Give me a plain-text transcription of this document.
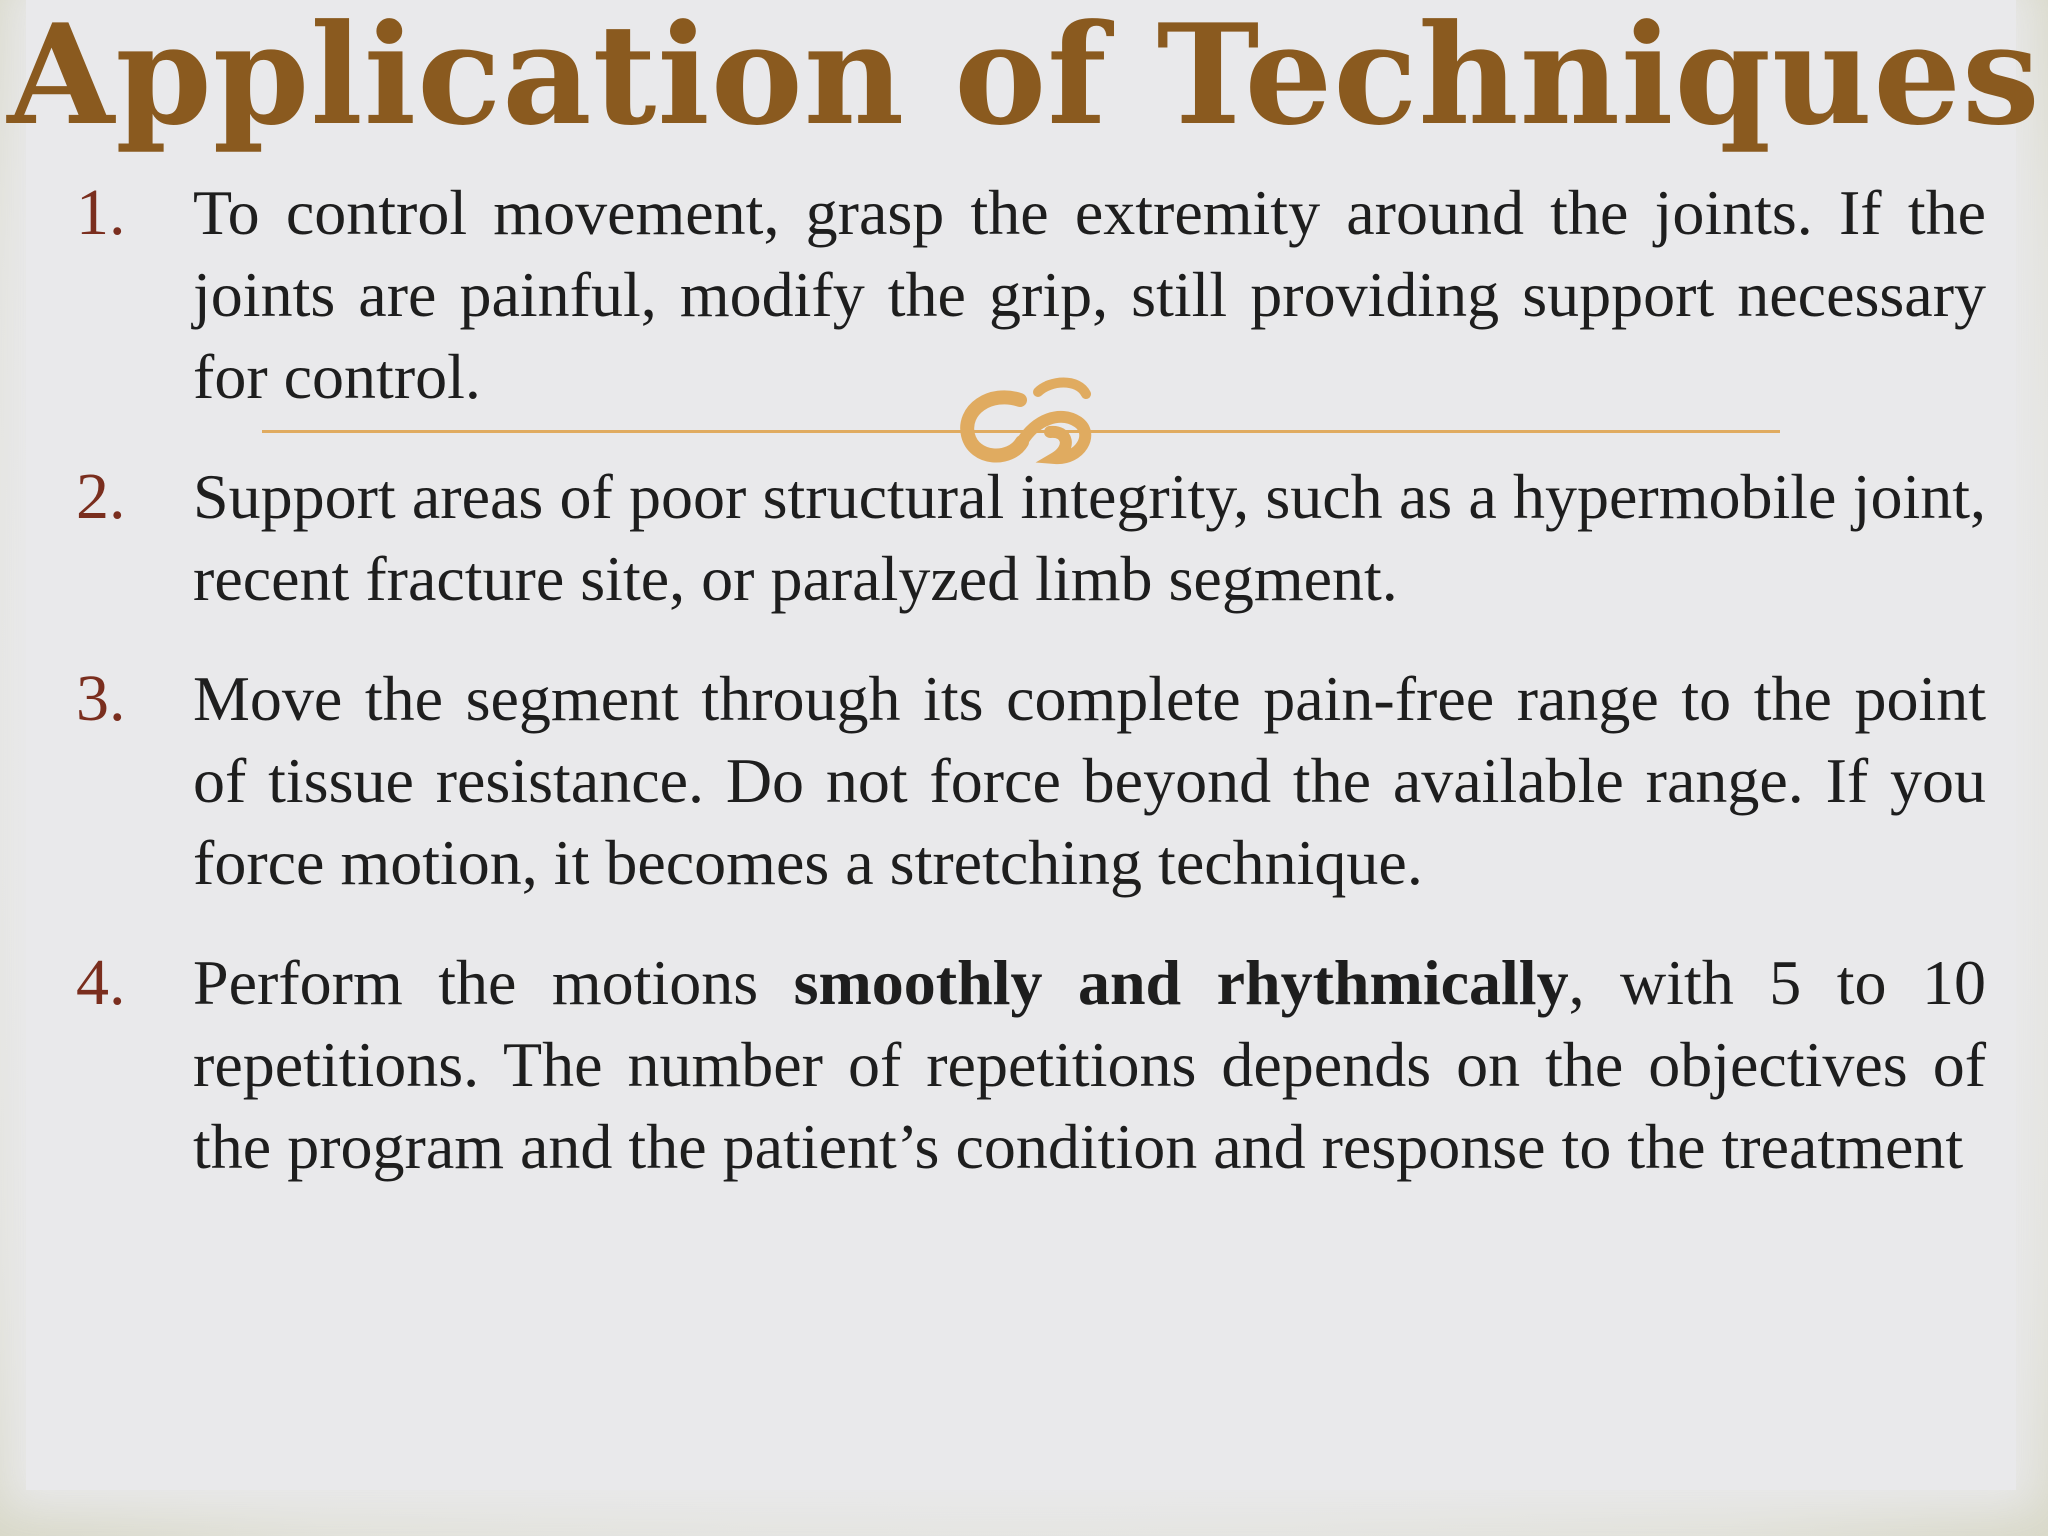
Application of Techniques
1. To control movement, grasp the extremity around the joints. If the joints are painful, modify the grip, still providing support necessary for control.
2. Support areas of poor structural integrity, such as a hypermobile joint, recent fracture site, or paralyzed limb segment.
3. Move the segment through its complete pain-free range to the point of tissue resistance. Do not force beyond the available range. If you force motion, it becomes a stretching technique.
4. Perform the motions smoothly and rhythmically, with 5 to 10 repetitions. The number of repetitions depends on the objectives of the program and the patient’s condition and response to the treatment
